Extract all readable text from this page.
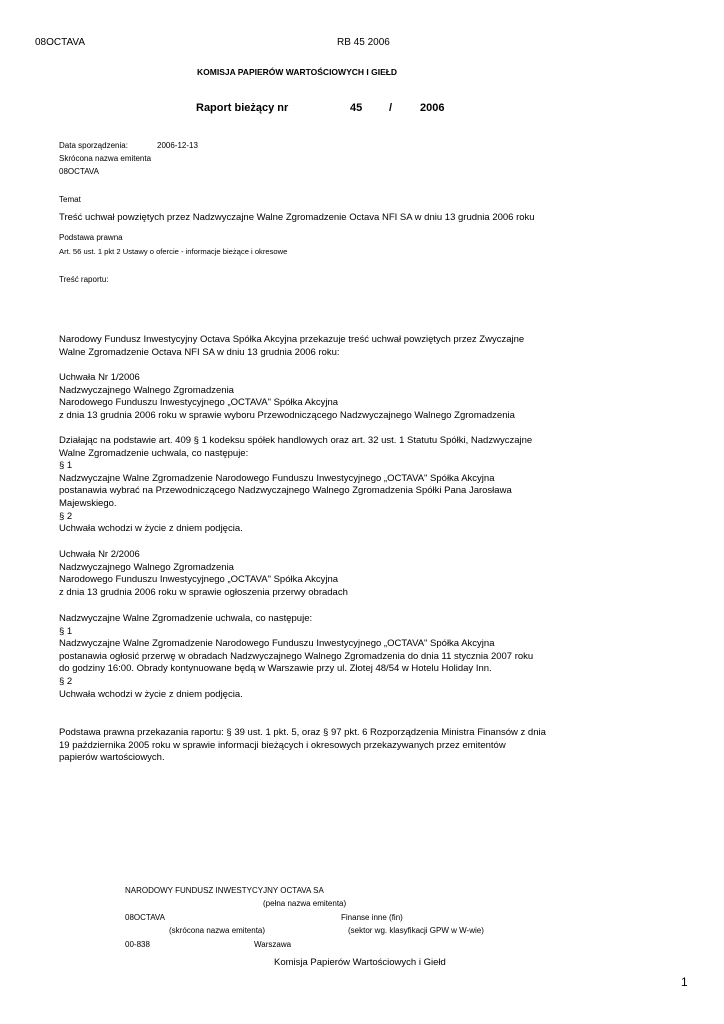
08OCTAVA	RB 45 2006
KOMISJA PAPIERÓW WARTOŚCIOWYCH I GIEŁD
Raport bieżący nr	45 /	2006
Data sporządzenia:	2006-12-13
Skrócona nazwa emitenta
08OCTAVA
Temat
Treść uchwał powziętych przez Nadzwyczajne Walne Zgromadzenie Octava NFI SA w dniu 13 grudnia 2006 roku
Podstawa prawna
Art. 56 ust. 1 pkt 2 Ustawy o ofercie - informacje bieżące i okresowe
Treść raportu:
Narodowy Fundusz Inwestycyjny Octava Spółka Akcyjna przekazuje treść uchwał powziętych przez Zwyczajne
Walne Zgromadzenie Octava NFI SA w dniu 13 grudnia 2006 roku:
Uchwała Nr 1/2006
Nadzwyczajnego Walnego Zgromadzenia
Narodowego Funduszu Inwestycyjnego „OCTAVA" Spółka Akcyjna
z dnia 13 grudnia 2006 roku w sprawie wyboru Przewodniczącego Nadzwyczajnego Walnego Zgromadzenia
Działając na podstawie art. 409 § 1 kodeksu spółek handlowych oraz art. 32 ust. 1 Statutu Spółki, Nadzwyczajne
Walne Zgromadzenie uchwala, co następuje:
§ 1
Nadzwyczajne Walne Zgromadzenie Narodowego Funduszu Inwestycyjnego „OCTAVA" Spółka Akcyjna
postanawia wybrać na Przewodniczącego Nadzwyczajnego Walnego Zgromadzenia Spółki Pana Jarosława
Majewskiego.
§ 2
Uchwała wchodzi w życie z dniem podjęcia.
Uchwała Nr 2/2006
Nadzwyczajnego Walnego Zgromadzenia
Narodowego Funduszu Inwestycyjnego „OCTAVA" Spółka Akcyjna
z dnia 13 grudnia 2006 roku w sprawie ogłoszenia przerwy obradach
Nadzwyczajne Walne Zgromadzenie uchwala, co następuje:
§ 1
Nadzwyczajne Walne Zgromadzenie Narodowego Funduszu Inwestycyjnego „OCTAVA" Spółka Akcyjna
postanawia ogłosić przerwę w obradach Nadzwyczajnego Walnego Zgromadzenia do dnia 11 stycznia 2007 roku
do godziny 16:00. Obrady kontynuowane będą w Warszawie przy ul. Złotej 48/54 w Hotelu Holiday Inn.
§ 2
Uchwała wchodzi w życie z dniem podjęcia.
Podstawa prawna przekazania raportu: § 39 ust. 1 pkt. 5, oraz § 97 pkt. 6 Rozporządzenia Ministra Finansów z dnia
19 października 2005 roku w sprawie informacji bieżących i okresowych przekazywanych przez emitentów
papierów wartościowych.
NARODOWY FUNDUSZ INWESTYCYJNY OCTAVA SA
(pełna nazwa emitenta)
08OCTAVA	Finanse inne (fin)
(skrócona nazwa emitenta)	(sektor wg. klasyfikacji GPW w W-wie)
00-838	Warszawa
Komisja Papierów Wartościowych i Giełd
1
